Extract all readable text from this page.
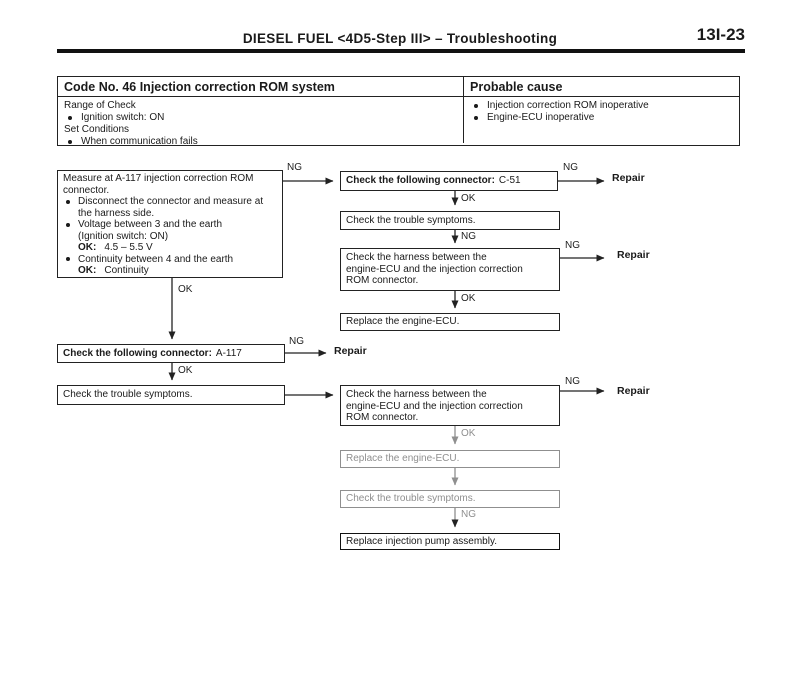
DIESEL FUEL <4D5-Step III> – Troubleshooting	13I-23
Code No. 46 Injection correction ROM system	Probable cause
Range of Check
Ignition switch: ON
Set Conditions
When communication fails
Injection correction ROM inoperative
Engine-ECU inoperative
Measure at A-117 injection correction ROM
connector.
Disconnect the connector and measure at
the harness side.
Voltage between 3 and the earth
(Ignition switch: ON)
OK: 4.5 – 5.5 V
Continuity between 4 and the earth
OK: Continuity
Check the following connector: C-51
Check the trouble symptoms.
Check the harness between the
engine-ECU and the injection correction
ROM connector.
Replace the engine-ECU.
Check the following connector: A-117
Check the trouble symptoms.	Check the harness between the
engine-ECU and the injection correction
ROM connector.
Replace the engine-ECU.
Check the trouble symptoms.
Replace injection pump assembly.
NG	NG
Repair
OK
NG
NG
Repair
OK
OK
NG
Repair
OK
NG
Repair
OK
NG
